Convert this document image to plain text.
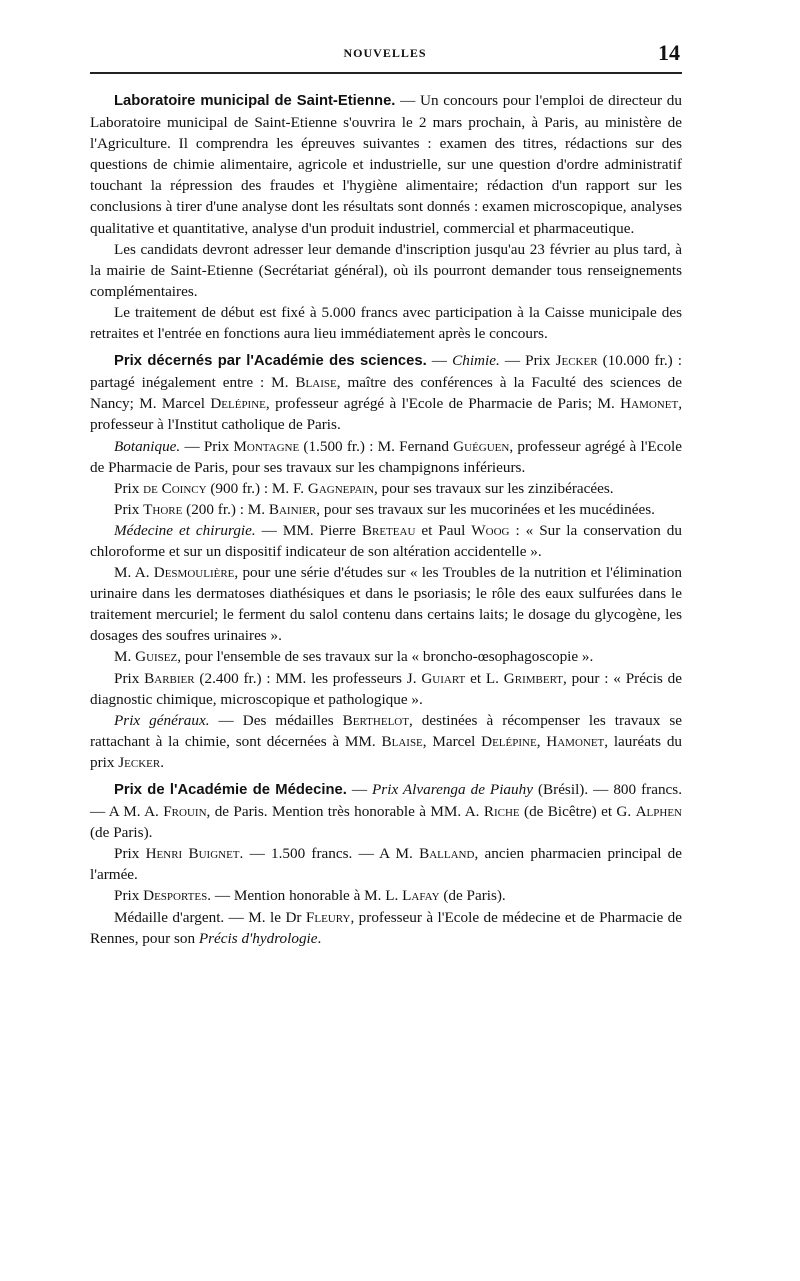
NOUVELLES	14

Laboratoire municipal de Saint-Etienne. — Un concours pour l'emploi de directeur du Laboratoire municipal de Saint-Etienne s'ouvrira le 2 mars prochain, à Paris, au ministère de l'Agriculture. Il comprendra les épreuves suivantes : examen des titres, rédactions sur des questions de chimie alimentaire, agricole et industrielle, sur une question d'ordre administratif touchant la répression des fraudes et l'hygiène alimentaire; rédaction d'un rapport sur les conclusions à tirer d'une analyse dont les résultats sont donnés : examen microscopique, analyses qualitative et quantitative, analyse d'un produit industriel, commercial et pharmaceutique.

Les candidats devront adresser leur demande d'inscription jusqu'au 23 février au plus tard, à la mairie de Saint-Etienne (Secrétariat général), où ils pourront demander tous renseignements complémentaires.

Le traitement de début est fixé à 5.000 francs avec participation à la Caisse municipale des retraites et l'entrée en fonctions aura lieu immédiatement après le concours.

Prix décernés par l'Académie des sciences. — Chimie. — Prix Jecker (10.000 fr.) : partagé inégalement entre : M. Blaise, maître des conférences à la Faculté des sciences de Nancy; M. Marcel Delépine, professeur agrégé à l'Ecole de Pharmacie de Paris; M. Hamonet, professeur à l'Institut catholique de Paris.

Botanique. — Prix Montagne (1.500 fr.) : M. Fernand Guéguen, professeur agrégé à l'Ecole de Pharmacie de Paris, pour ses travaux sur les champignons inférieurs.

Prix de Coincy (900 fr.) : M. F. Gagnepain, pour ses travaux sur les zinzibéracées.

Prix Thore (200 fr.) : M. Bainier, pour ses travaux sur les mucorinées et les mucédinées.

Médecine et chirurgie. — MM. Pierre Breteau et Paul Woog : « Sur la conservation du chloroforme et sur un dispositif indicateur de son altération accidentelle ».

M. A. Desmoulière, pour une série d'études sur « les Troubles de la nutrition et l'élimination urinaire dans les dermatoses diathésiques et dans le psoriasis; le rôle des eaux sulfurées dans le traitement mercuriel; le ferment du salol contenu dans certains laits; le dosage du glycogène, les dosages des soufres urinaires ».

M. Guisez, pour l'ensemble de ses travaux sur la « broncho-œsophagoscopie ».

Prix Barbier (2.400 fr.) : MM. les professeurs J. Guiart et L. Grimbert, pour : « Précis de diagnostic chimique, microscopique et pathologique ».

Prix généraux. — Des médailles Berthelot, destinées à récompenser les travaux se rattachant à la chimie, sont décernées à MM. Blaise, Marcel Delépine, Hamonet, lauréats du prix Jecker.

Prix de l'Académie de Médecine. — Prix Alvarenga de Piauhy (Brésil). — 800 francs. — A M. A. Frouin, de Paris. Mention très honorable à MM. A. Riche (de Bicêtre) et G. Alphen (de Paris).

Prix Henri Buignet. — 1.500 francs. — A M. Balland, ancien pharmacien principal de l'armée.

Prix Desportes. — Mention honorable à M. L. Lafay (de Paris).

Médaille d'argent. — M. le Dr Fleury, professeur à l'Ecole de médecine et de Pharmacie de Rennes, pour son Précis d'hydrologie.
